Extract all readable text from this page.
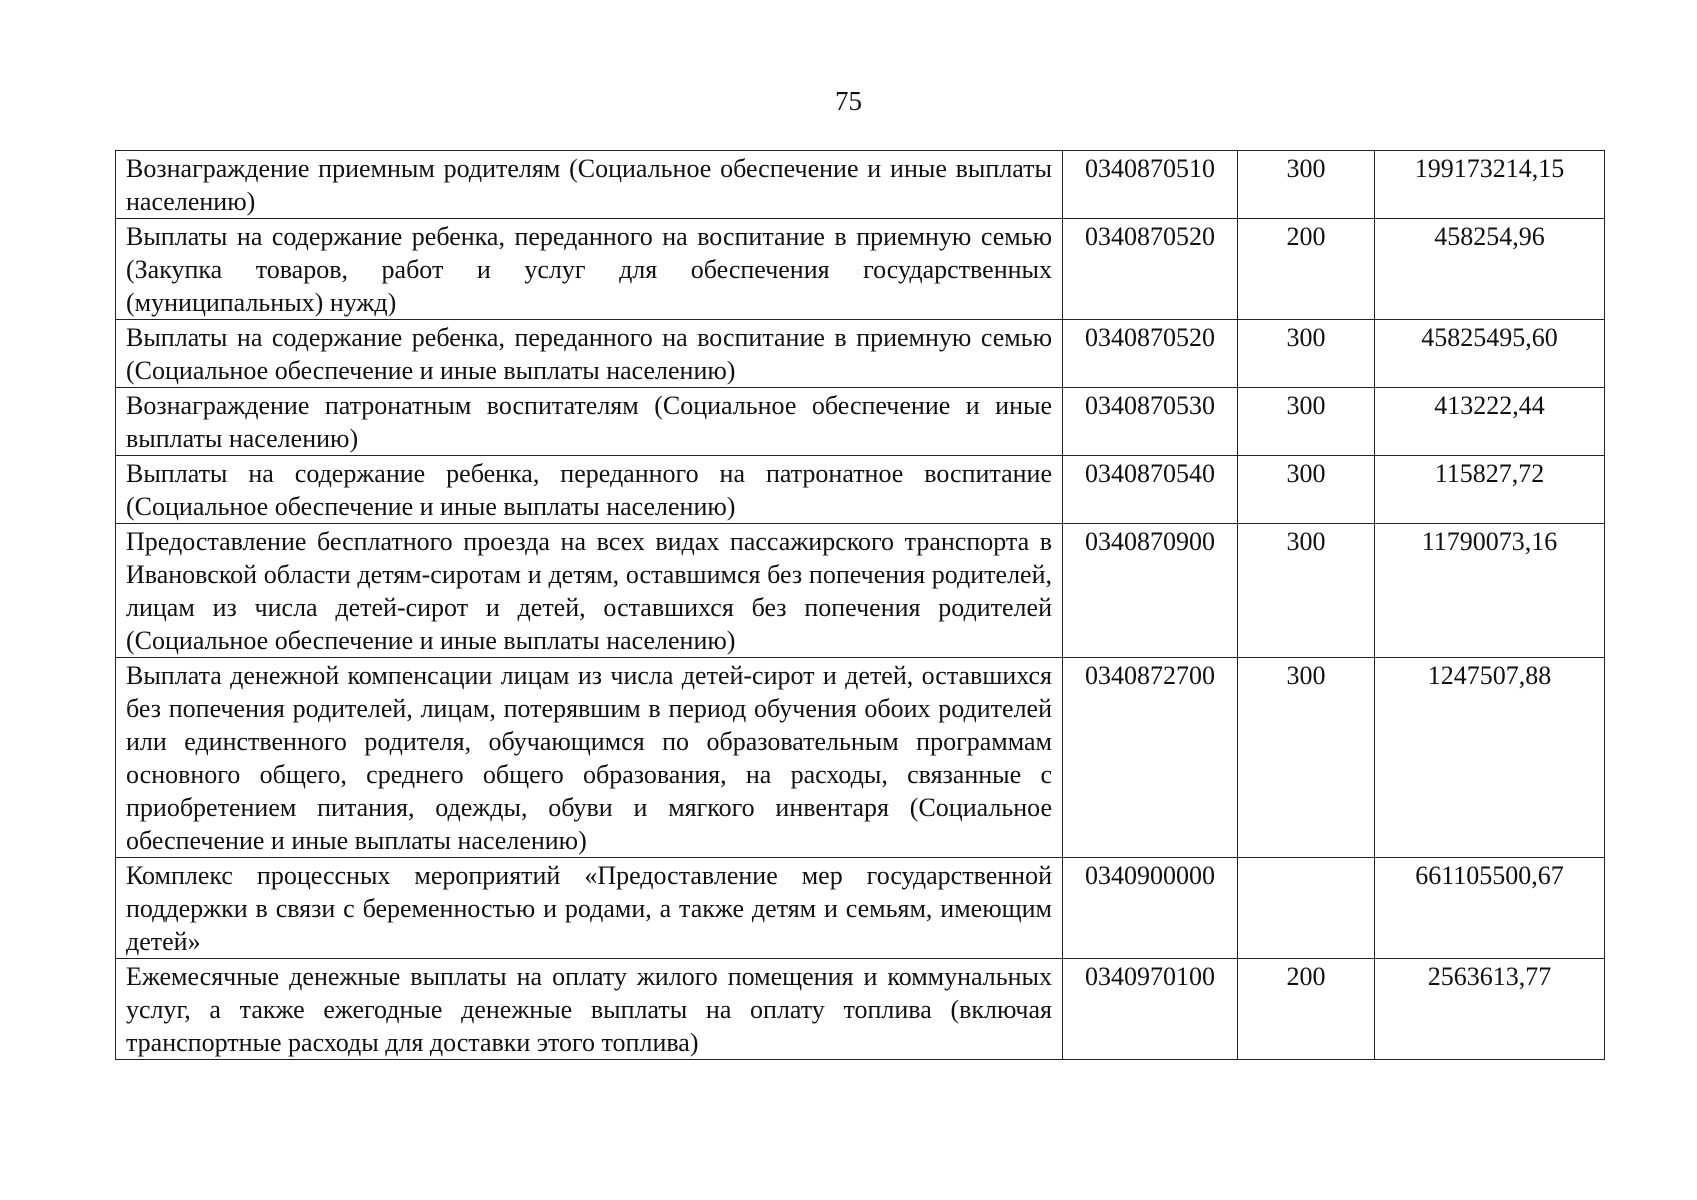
75
Вознаграждение приемным родителям (Социальное обеспечение и иные выплаты населению)	0340870510	300	199173214,15
Выплаты на содержание ребенка, переданного на воспитание в приемную семью (Закупка товаров, работ и услуг для обеспечения государственных (муниципальных) нужд)	0340870520	200	458254,96
Выплаты на содержание ребенка, переданного на воспитание в приемную семью (Социальное обеспечение и иные выплаты населению)	0340870520	300	45825495,60
Вознаграждение патронатным воспитателям (Социальное обеспечение и иные выплаты населению)	0340870530	300	413222,44
Выплаты на содержание ребенка, переданного на патронатное воспитание (Социальное обеспечение и иные выплаты населению)	0340870540	300	115827,72
Предоставление бесплатного проезда на всех видах пассажирского транспорта в Ивановской области детям-сиротам и детям, оставшимся без попечения родителей, лицам из числа детей-сирот и детей, оставшихся без попечения родителей (Социальное обеспечение и иные выплаты населению)	0340870900	300	11790073,16
Выплата денежной компенсации лицам из числа детей-сирот и детей, оставшихся без попечения родителей, лицам, потерявшим в период обучения обоих родителей или единственного родителя, обучающимся по образовательным программам основного общего, среднего общего образования, на расходы, связанные с приобретением питания, одежды, обуви и мягкого инвентаря (Социальное обеспечение и иные выплаты населению)	0340872700	300	1247507,88
Комплекс процессных мероприятий «Предоставление мер государственной поддержки в связи с беременностью и родами, а также детям и семьям, имеющим детей»	0340900000		661105500,67

Ежемесячные денежные выплаты на оплату жилого помещения и коммунальных услуг, а также ежегодные денежные выплаты на оплату топлива (включая транспортные расходы для доставки этого топлива)	0340970100	200	2563613,77
